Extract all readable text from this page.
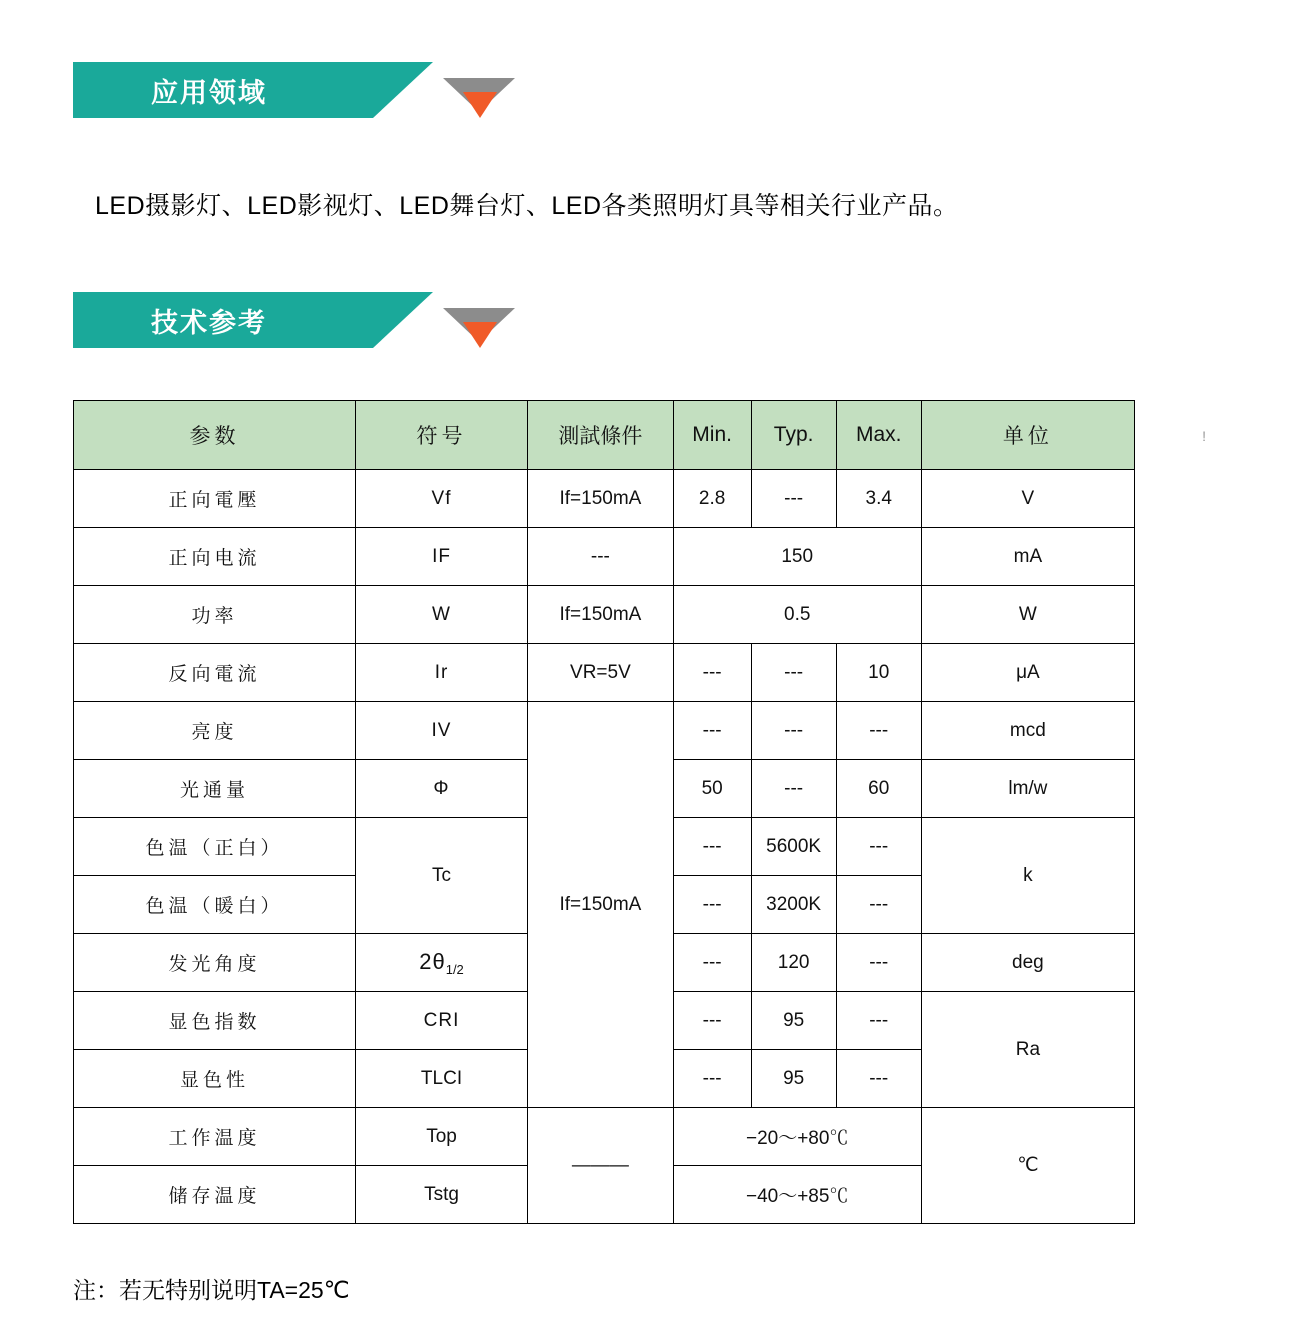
应用领域
LED摄影灯、LED影视灯、LED舞台灯、LED各类照明灯具等相关行业产品。
技术参考
!
参数	符号	測試條件	Min.	Typ.	Max.	单位
正向電壓	Vf	If=150mA	2.8	---	3.4	V
正向电流	IF	---	150			mA
功率	W	If=150mA	0.5			W
反向電流	Ir	VR=5V	---	---	10	μA
亮度	IV	If=150mA	---	---	---	mcd
光通量	Φ		50	---	60	lm/w
色温（正白）	Tc		---	5600K	---	k
色温（暖白）			---	3200K	---	
发光角度	$2\theta_{1/2}$		---	120	---	deg
显色指数	CRI		---	95	---	Ra
显色性	TLCI		---	95	---	
工作温度	Top	———	−20～+80℃			℃
储存温度	Tstg		−40～+85℃			
注：若无特别说明TA=25℃
